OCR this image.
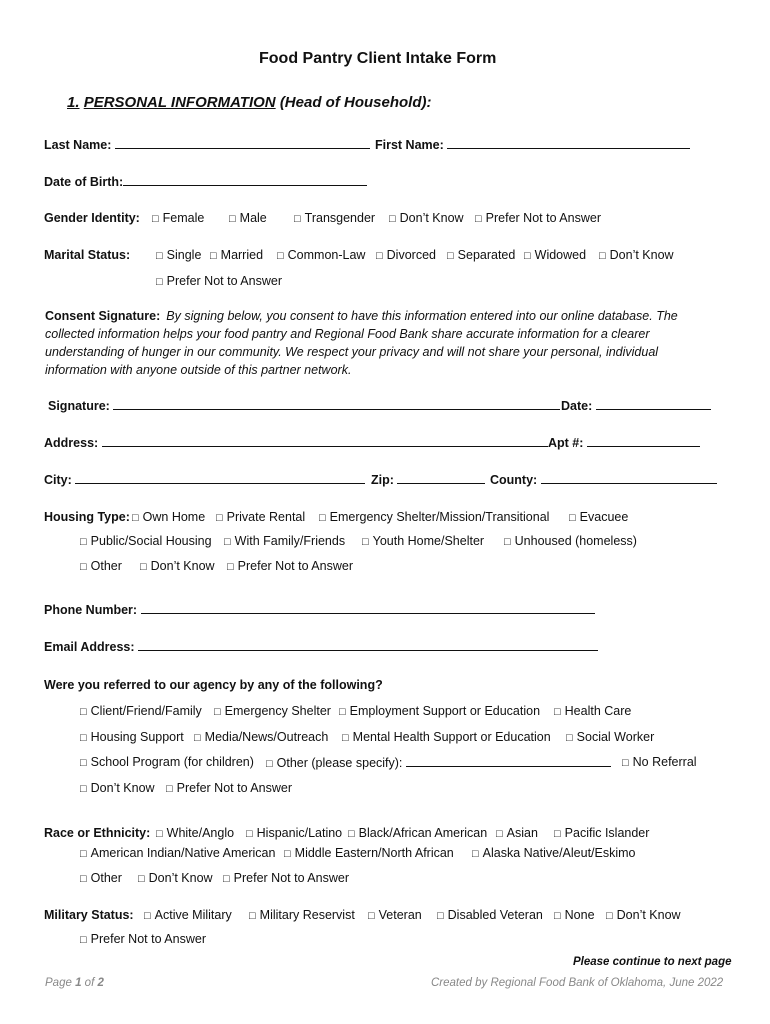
Food Pantry Client Intake Form
1. PERSONAL INFORMATION (Head of Household):
Last Name:	First Name:
Date of Birth:
Gender Identity:	□ Female	□ Male	□ Transgender	□ Don’t Know	□ Prefer Not to Answer
Marital Status:	□ Single	□ Married	□ Common-Law	□ Divorced	□ Separated	□ Widowed	□ Don’t Know
□ Prefer Not to Answer
Consent Signature: By signing below, you consent to have this information entered into our online database. The collected information helps your food pantry and Regional Food Bank share accurate information for a clearer understanding of hunger in our community. We respect your privacy and will not share your personal, individual information with anyone outside of this partner network.
Signature:	Date:
Address:	Apt #:
City:	Zip:	County:
Housing Type:	□ Own Home	□ Private Rental	□ Emergency Shelter/Mission/Transitional	□ Evacuee
□ Public/Social Housing	□ With Family/Friends	□ Youth Home/Shelter	□ Unhoused (homeless)
□ Other	□ Don’t Know	□ Prefer Not to Answer
Phone Number:
Email Address:
Were you referred to our agency by any of the following?
□ Client/Friend/Family	□ Emergency Shelter	□ Employment Support or Education	□ Health Care
□ Housing Support	□ Media/News/Outreach	□ Mental Health Support or Education	□ Social Worker
□ School Program (for children)	□ Other (please specify):	□ No Referral
□ Don’t Know	□ Prefer Not to Answer
Race or Ethnicity:	□ White/Anglo	□ Hispanic/Latino	□ Black/African American	□ Asian	□ Pacific Islander
□ American Indian/Native American	□ Middle Eastern/North African	□ Alaska Native/Aleut/Eskimo
□ Other	□ Don’t Know	□ Prefer Not to Answer
Military Status:	□ Active Military	□ Military Reservist	□ Veteran	□ Disabled Veteran	□ None	□ Don’t Know
□ Prefer Not to Answer
Please continue to next page
Page 1 of 2	Created by Regional Food Bank of Oklahoma, June 2022
